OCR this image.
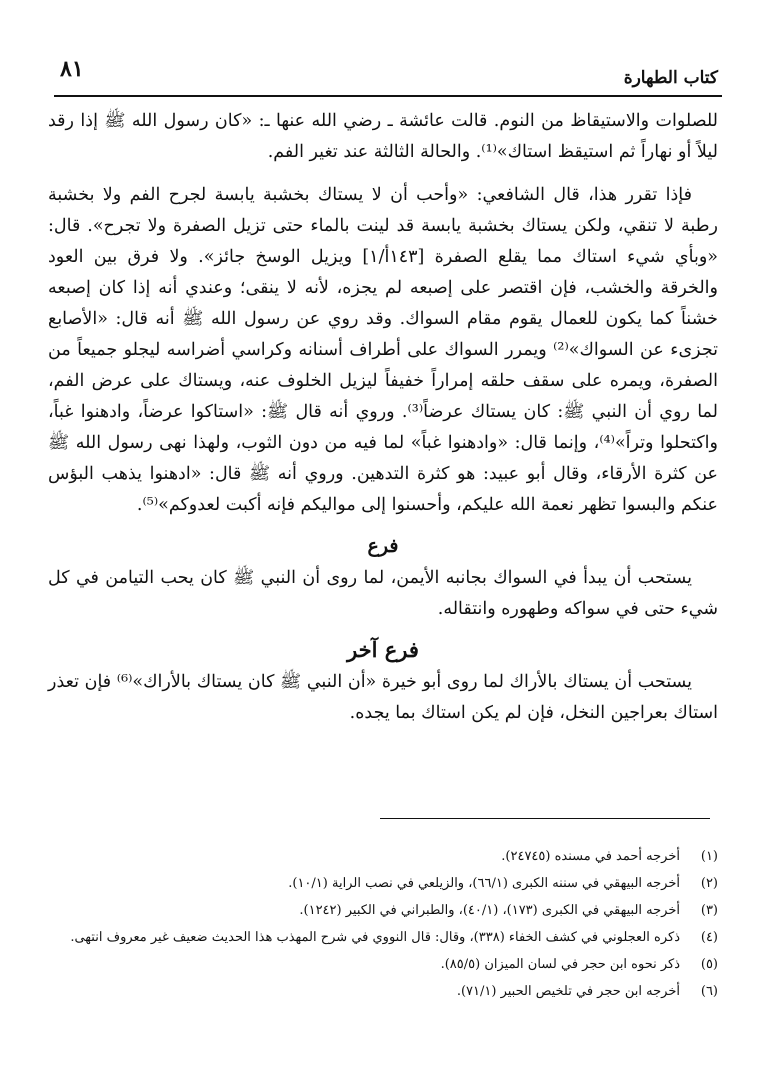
كتاب الطهارة
٨١

للصلوات والاستيقاظ من النوم. قالت عائشة ـ رضي الله عنها ـ: «كان رسول الله ﷺ إذا رقد ليلاً أو نهاراً ثم استيقظ استاك»⁽¹⁾. والحالة الثالثة عند تغير الفم.

فإذا تقرر هذا، قال الشافعي: «وأحب أن لا يستاك بخشبة يابسة لجرح الفم ولا بخشبة رطبة لا تنقي، ولكن يستاك بخشبة يابسة قد لينت بالماء حتى تزيل الصفرة ولا تجرح». قال: «وبأي شيء استاك مما يقلع الصفرة [١٤٣أ/١] ويزيل الوسخ جائز». ولا فرق بين العود والخرقة والخشب، فإن اقتصر على إصبعه لم يجزه، لأنه لا ينقى؛ وعندي أنه إذا كان إصبعه خشناً كما يكون للعمال يقوم مقام السواك. وقد روي عن رسول الله ﷺ أنه قال: «الأصابع تجزىء عن السواك»⁽²⁾ ويمرر السواك على أطراف أسنانه وكراسي أضراسه ليجلو جميعاً من الصفرة، ويمره على سقف حلقه إمراراً خفيفاً ليزيل الخلوف عنه، ويستاك على عرض الفم، لما روي أن النبي ﷺ: كان يستاك عرضاً⁽³⁾. وروي أنه قال ﷺ: «استاكوا عرضاً، وادهنوا غباً، واكتحلوا وتراً»⁽⁴⁾، وإنما قال: «وادهنوا غباً» لما فيه من دون الثوب، ولهذا نهى رسول الله ﷺ عن كثرة الأرقاء، وقال أبو عبيد: هو كثرة التدهين. وروي أنه ﷺ قال: «ادهنوا يذهب البؤس عنكم والبسوا تظهر نعمة الله عليكم، وأحسنوا إلى مواليكم فإنه أكبت لعدوكم»⁽⁵⁾.

فرع

يستحب أن يبدأ في السواك بجانبه الأيمن، لما روى أن النبي ﷺ كان يحب التيامن في كل شيء حتى في سواكه وطهوره وانتقاله.

فرع آخر

يستحب أن يستاك بالأراك لما روى أبو خيرة «أن النبي ﷺ كان يستاك بالأراك»⁽⁶⁾ فإن تعذر استاك بعراجين النخل، فإن لم يكن استاك بما يجده.

(١)
أخرجه أحمد في مسنده (٢٤٧٤٥).
(٢)
أخرجه البيهقي في سننه الكبرى (٦٦/١)، والزيلعي في نصب الراية (١٠/١).
(٣)
أخرجه البيهقي في الكبرى (١٧٣)، (٤٠/١)، والطبراني في الكبير (١٢٤٢).
(٤)
ذكره العجلوني في كشف الخفاء (٣٣٨)، وقال: قال النووي في شرح المهذب هذا الحديث ضعيف غير معروف انتهى.
(٥)
ذكر نحوه ابن حجر في لسان الميزان (٨٥/٥).
(٦)
أخرجه ابن حجر في تلخيص الحبير (٧١/١).
